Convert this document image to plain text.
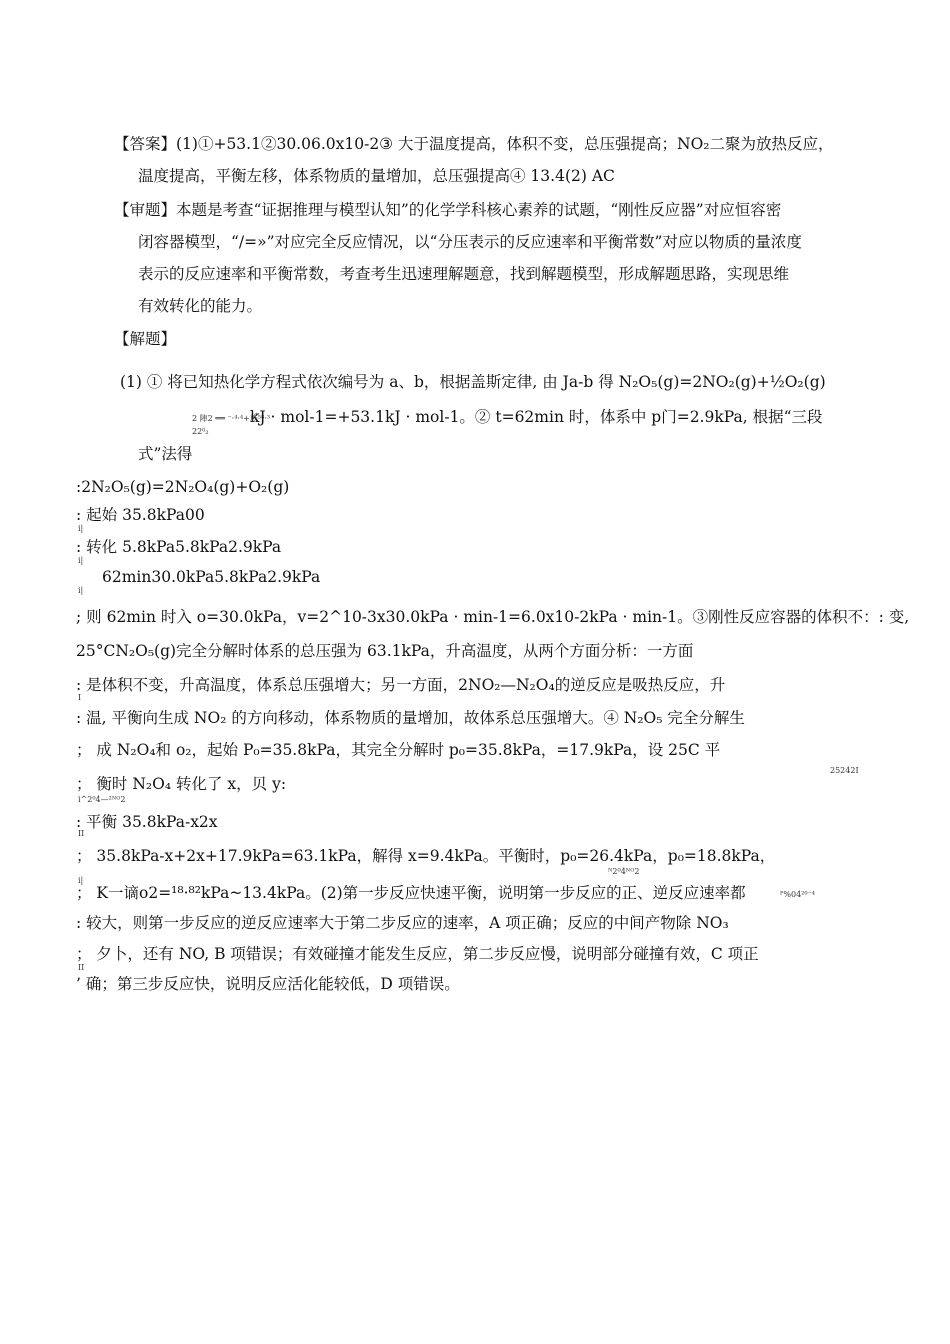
【答案】(1)①+53.1②30.06.0x10-2③ 大于温度提高，体积不变，总压强提高；NO₂二聚为放热反应，
温度提高，平衡左移，体系物质的量增加，总压强提高④ 13.4(2) AC
【审题】本题是考查“证据推理与模型认知”的化学学科核心素养的试题，“刚性反应器”对应恒容密
闭容器模型，“/=»”对应完全反应情况，以“分压表示的反应速率和平衡常数”对应以物质的量浓度
表示的反应速率和平衡常数，考查考生迅速理解题意，找到解题模型，形成解题思路，实现思维
有效转化的能力。
【解题】
(1) ① 将已知热化学方程式依次编号为 a、b，根据盖斯定律, 由 Ja-b 得 N₂O₅(g)=2NO₂(g)+½O₂(g)
kJ · mol-1=+53.1kJ · mol-1。② t=62min 时，体系中 p门=2.9kPa, 根据“三段
式”法得
:2N₂O₅(g)=2N₂O₄(g)+O₂(g)
: 起始 35.8kPa00
: 转化 5.8kPa5.8kPa2.9kPa
62min30.0kPa5.8kPa2.9kPa
; 则 62min 时入 o=30.0kPa，v=2^10-3x30.0kPa · min-1=6.0x10-2kPa · min-1。③刚性反应容器的体积不：: 变,
25°CN₂O₅(g)完全分解时体系的总压强为 63.1kPa，升高温度，从两个方面分析：一方面
: 是体积不变，升高温度，体系总压强增大；另一方面，2NO₂—N₂O₄的逆反应是吸热反应，升
: 温, 平衡向生成 NO₂ 的方向移动，体系物质的量增加，故体系总压强增大。④ N₂O₅ 完全分解生
； 成 N₂O₄和 o₂，起始 P₀=35.8kPa，其完全分解时 p₀=35.8kPa，=17.9kPa，设 25C 平
； 衡时 N₂O₄ 转化了 x，贝 y:
: 平衡 35.8kPa-x2x
； 35.8kPa-x+2x+17.9kPa=63.1kPa，解得 x=9.4kPa。平衡时，p₀=26.4kPa，p₀=18.8kPa，
； K一谪o2=¹⁸·⁸²kPa~13.4kPa。(2)第一步反应快速平衡，说明第一步反应的正、逆反应速率都
: 较大，则第一步反应的逆反应速率大于第二步反应的速率，A 项正确；反应的中间产物除 NO₃
； 夕卜，还有 NO, B 项错误；有效碰撞才能发生反应，第二步反应慢，说明部分碰撞有效，C 项正
’ 确；第三步反应快，说明反应活化能较低，D 项错误。
2 陣2 ══ ⁻·⁴·⁴+族⁵⁸·³
22⁰₂
25242I
i^2⁰4—²ᴺᴼ2
ᴺ2⁰4ᴺᴼ2
ᴾ%04²⁰⁻⁴
i|
i|
i|
I
II
i|
II
